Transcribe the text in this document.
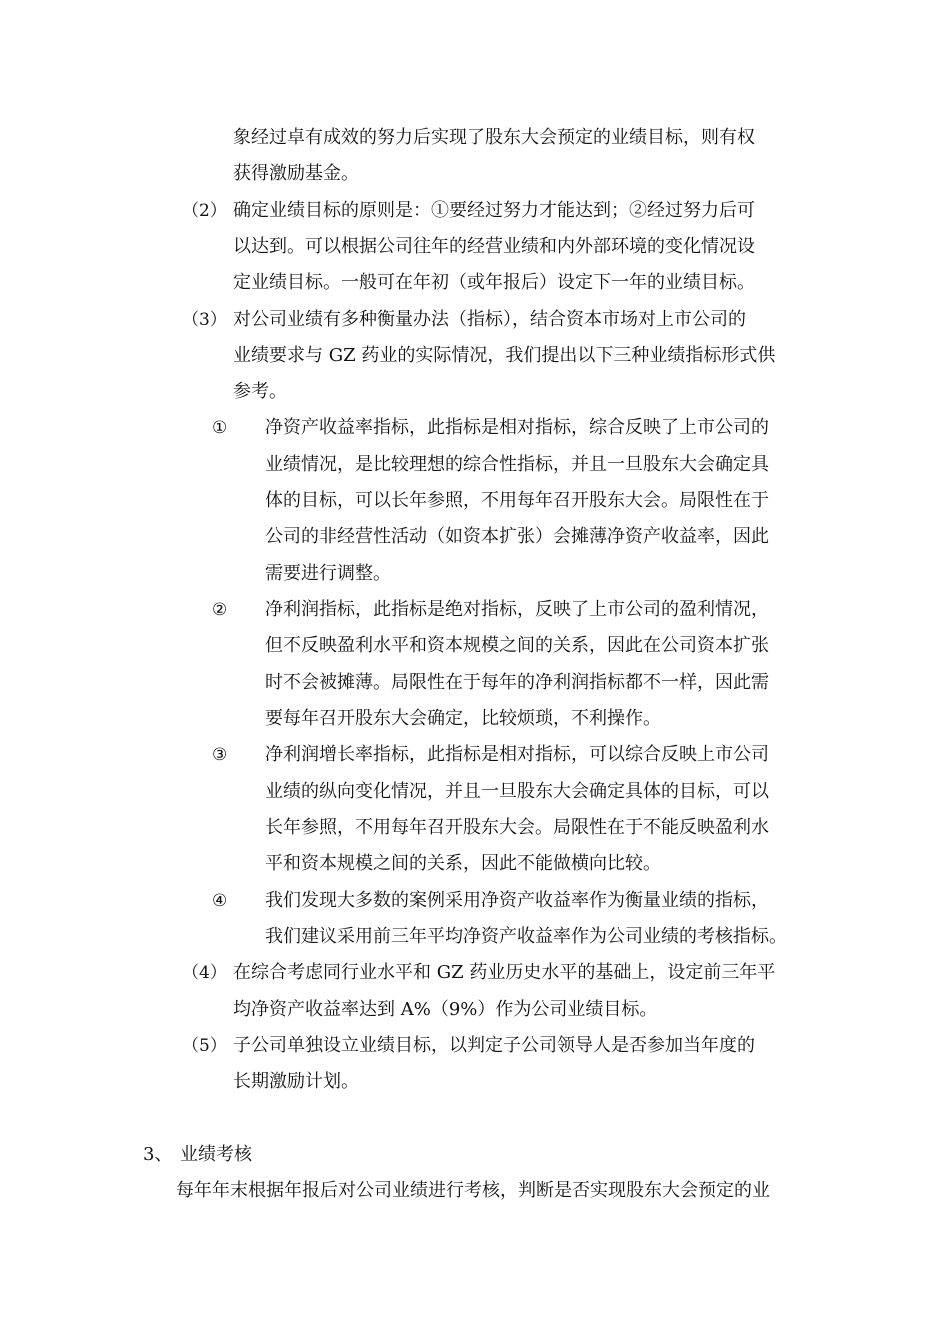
象经过卓有成效的努力后实现了股东大会预定的业绩目标，则有权
获得激励基金。
（2） 确定业绩目标的原则是：①要经过努力才能达到；②经过努力后可
以达到。可以根据公司往年的经营业绩和内外部环境的变化情况设
定业绩目标。一般可在年初（或年报后）设定下一年的业绩目标。
（3） 对公司业绩有多种衡量办法（指标），结合资本市场对上市公司的
业绩要求与 GZ 药业的实际情况，我们提出以下三种业绩指标形式供
参考。
① 净资产收益率指标，此指标是相对指标，综合反映了上市公司的
业绩情况，是比较理想的综合性指标，并且一旦股东大会确定具
体的目标，可以长年参照，不用每年召开股东大会。局限性在于
公司的非经营性活动（如资本扩张）会摊薄净资产收益率，因此
需要进行调整。
② 净利润指标，此指标是绝对指标，反映了上市公司的盈利情况，
但不反映盈利水平和资本规模之间的关系，因此在公司资本扩张
时不会被摊薄。局限性在于每年的净利润指标都不一样，因此需
要每年召开股东大会确定，比较烦琐，不利操作。
③ 净利润增长率指标，此指标是相对指标，可以综合反映上市公司
业绩的纵向变化情况，并且一旦股东大会确定具体的目标，可以
长年参照，不用每年召开股东大会。局限性在于不能反映盈利水
平和资本规模之间的关系，因此不能做横向比较。
④ 我们发现大多数的案例采用净资产收益率作为衡量业绩的指标，
我们建议采用前三年平均净资产收益率作为公司业绩的考核指标。
（4） 在综合考虑同行业水平和 GZ 药业历史水平的基础上，设定前三年平
均净资产收益率达到 A%（9%）作为公司业绩目标。
（5） 子公司单独设立业绩目标，以判定子公司领导人是否参加当年度的
长期激励计划。
3、 业绩考核
每年年末根据年报后对公司业绩进行考核，判断是否实现股东大会预定的业
